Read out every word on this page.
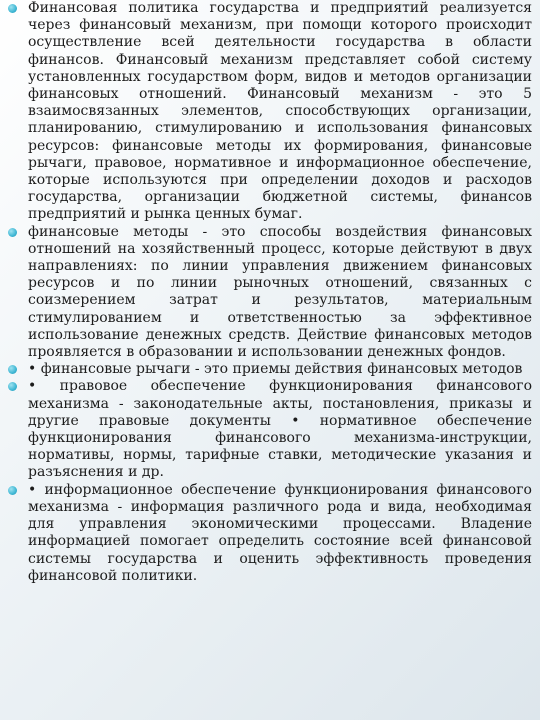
Финансовая политика государства и предприятий реализуется через финансовый механизм, при помощи которого происходит осуществление всей деятельности государства в области финансов. Финансовый механизм представляет собой систему установленных государством форм, видов и методов организации финансовых отношений. Финансовый механизм - это 5 взаимосвязанных элементов, способствующих организации, планированию, стимулированию и использования финансовых ресурсов: финансовые методы их формирования, финансовые рычаги, правовое, нормативное и информационное обеспечение, которые используются при определении доходов и расходов государства, организации бюджетной системы, финансов предприятий и рынка ценных бумаг.
финансовые методы - это способы воздействия финансовых отношений на хозяйственный процесс, которые действуют в двух направлениях: по линии управления движением финансовых ресурсов и по линии рыночных отношений, связанных с соизмерением затрат и результатов, материальным стимулированием и ответственностью за эффективное использование денежных средств. Действие финансовых методов проявляется в образовании и использовании денежных фондов.
• финансовые рычаги - это приемы действия финансовых методов
• правовое обеспечение функционирования финансового механизма - законодательные акты, постановления, приказы и другие правовые документы • нормативное обеспечение функционирования финансового механизма-инструкции, нормативы, нормы, тарифные ставки, методические указания и разъяснения и др.
• информационное обеспечение функционирования финансового механизма - информация различного рода и вида, необходимая для управления экономическими процессами. Владение информацией помогает определить состояние всей финансовой системы государства и оценить эффективность проведения финансовой политики.
